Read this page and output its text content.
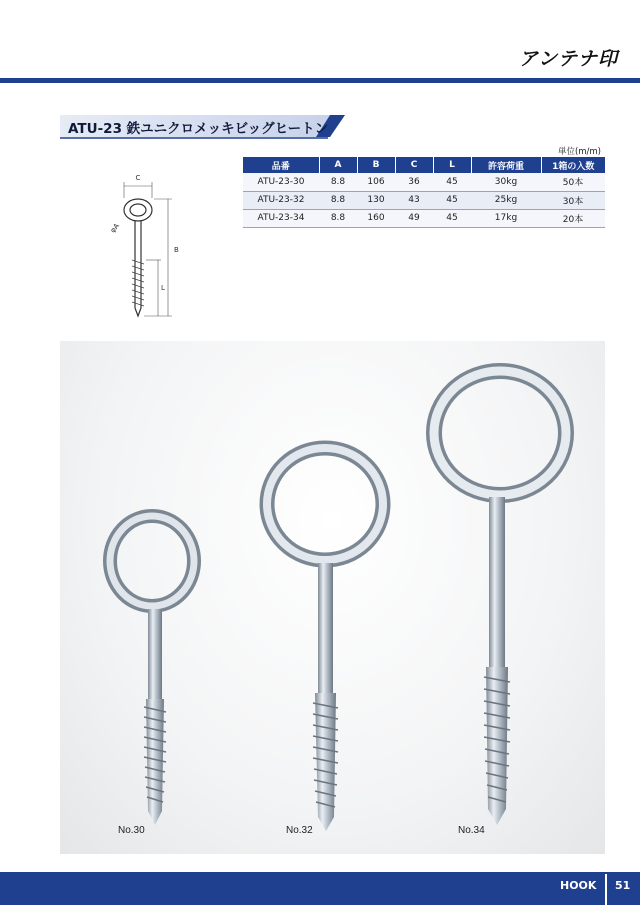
アンテナ印
ATU-23 鉄ユニクロメッキビッグヒートン
C
φA
B
L
単位(m/m)
品番	A	B	C	L	許容荷重	1箱の入数
ATU-23-30	8.8	106	36	45	30kg	50本
ATU-23-32	8.8	130	43	45	25kg	30本
ATU-23-34	8.8	160	49	45	17kg	20本
No.30	No.32	No.34
HOOK 51
